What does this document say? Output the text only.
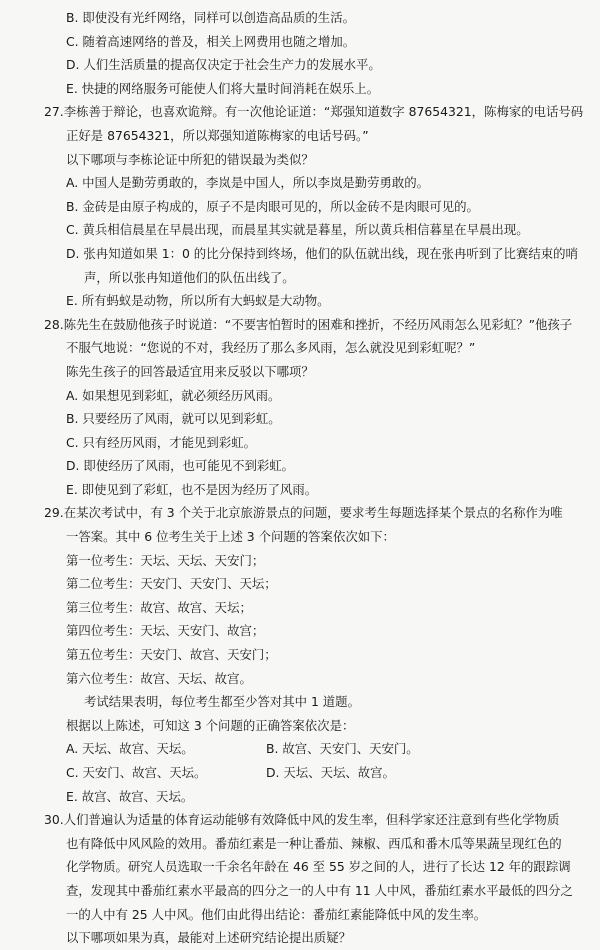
B. 即使没有光纤网络，同样可以创造高品质的生活。
C. 随着高速网络的普及，相关上网费用也随之增加。
D. 人们生活质量的提高仅决定于社会生产力的发展水平。
E. 快捷的网络服务可能使人们将大量时间消耗在娱乐上。
27.李栋善于辩论，也喜欢诡辩。有一次他论证道：“郑强知道数字 87654321，陈梅家的电话号码
正好是 87654321，所以郑强知道陈梅家的电话号码。”
以下哪项与李栋论证中所犯的错误最为类似？
A. 中国人是勤劳勇敢的，李岚是中国人，所以李岚是勤劳勇敢的。
B. 金砖是由原子构成的，原子不是肉眼可见的，所以金砖不是肉眼可见的。
C. 黄兵相信晨星在早晨出现，而晨星其实就是暮星，所以黄兵相信暮星在早晨出现。
D. 张冉知道如果 1：0 的比分保持到终场，他们的队伍就出线，现在张冉听到了比赛结束的哨
声，所以张冉知道他们的队伍出线了。
E. 所有蚂蚁是动物，所以所有大蚂蚁是大动物。
28.陈先生在鼓励他孩子时说道：“不要害怕暂时的困难和挫折，不经历风雨怎么见彩虹？”他孩子
不服气地说：“您说的不对，我经历了那么多风雨，怎么就没见到彩虹呢？”
陈先生孩子的回答最适宜用来反驳以下哪项？
A. 如果想见到彩虹，就必须经历风雨。
B. 只要经历了风雨，就可以见到彩虹。
C. 只有经历风雨，才能见到彩虹。
D. 即使经历了风雨，也可能见不到彩虹。
E. 即使见到了彩虹，也不是因为经历了风雨。
29.在某次考试中，有 3 个关于北京旅游景点的问题，要求考生每题选择某个景点的名称作为唯
一答案。其中 6 位考生关于上述 3 个问题的答案依次如下：
第一位考生：天坛、天坛、天安门；
第二位考生：天安门、天安门、天坛；
第三位考生：故宫、故宫、天坛；
第四位考生：天坛、天安门、故宫；
第五位考生：天安门、故宫、天安门；
第六位考生：故宫、天坛、故宫。
考试结果表明，每位考生都至少答对其中 1 道题。
根据以上陈述，可知这 3 个问题的正确答案依次是：
A. 天坛、故宫、天坛。	B. 故宫、天安门、天安门。
C. 天安门、故宫、天坛。	D. 天坛、天坛、故宫。
E. 故宫、故宫、天坛。
30.人们普遍认为适量的体育运动能够有效降低中风的发生率，但科学家还注意到有些化学物质
也有降低中风风险的效用。番茄红素是一种让番茄、辣椒、西瓜和番木瓜等果蔬呈现红色的
化学物质。研究人员选取一千余名年龄在 46 至 55 岁之间的人，进行了长达 12 年的跟踪调
查，发现其中番茄红素水平最高的四分之一的人中有 11 人中风，番茄红素水平最低的四分之
一的人中有 25 人中风。他们由此得出结论：番茄红素能降低中风的发生率。
以下哪项如果为真，最能对上述研究结论提出质疑？
